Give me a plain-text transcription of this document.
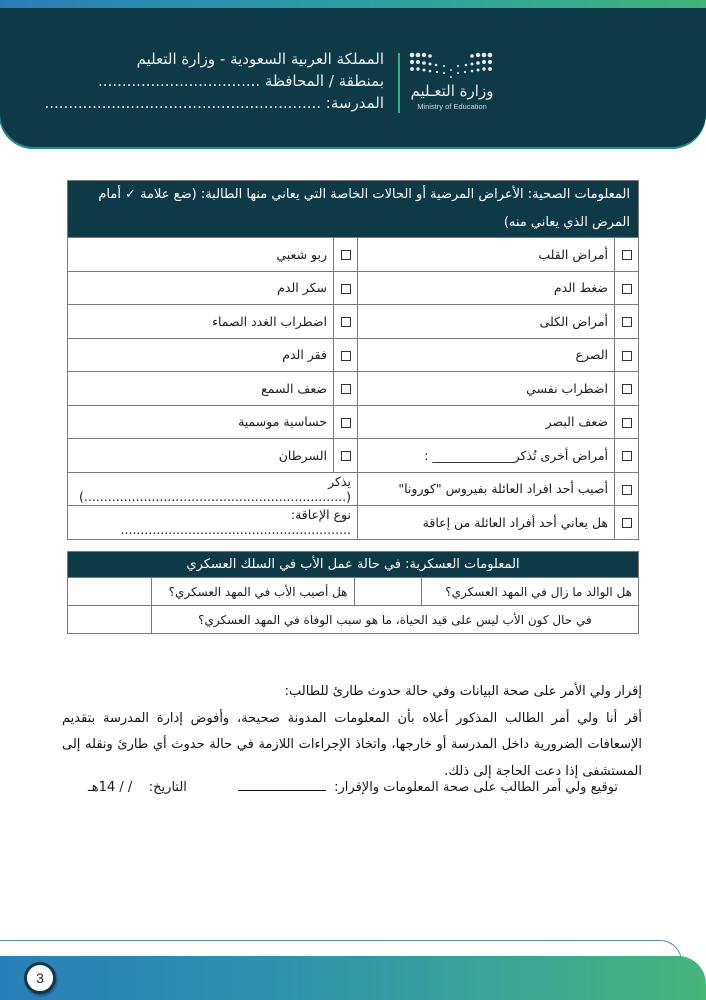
المملكة العربية السعودية - وزارة التعليم
بمنطقة / المحافظة ..................................
المدرسة: ..........................................................
وزارة التعـليم
Ministry of Education
المعلومات الصحية: الأعراض المرضية أو الحالات الخاصة التي يعاني منها الطالبة: (ضع علامة ✓ أمام المرض الذي يعاني منه)			
	أمراض القلب		ربو شعبي
	ضغط الدم		سكر الدم
	أمراض الكلى		اضطراب الغدد الصماء
	الصرع		فقر الدم
	اضطراب نفسي		ضعف السمع
	ضعف البصر		حساسية موسمية
	أمراض أخرى تُذكر_____________ :		السرطان
	أصيب أحد افراد العائلة بفيروس "كورونا"	يذكر (..................................................................)	
	هل يعاني أحد أفراد العائلة من إعاقة	نوع الإعاقة: ..........................................................	
المعلومات العسكرية: في حالة عمل الأب في السلك العسكري			
هل الوالد ما زال في المهد العسكري؟		هل أصيب الأب في المهد العسكري؟	
في حال كون الأب ليس على قيد الحياة، ما هو سبب الوفاة في المهد العسكري؟			
إقرار ولي الأمر على صحة البيانات وفي حالة حدوث طارئ للطالب:
أقر أنا ولي أمر الطالب المذكور أعلاه بأن المعلومات المدونة صحيحة، وأفوض إدارة المدرسة بتقديم الإسعافات الضرورية داخل المدرسة أو خارجها، واتخاذ الإجراءات اللازمة في حالة حدوث أي طارئ ونقله إلى المستشفى إذا دعت الحاجة إلى ذلك.
توقيع ولي أمر الطالب على صحة المعلومات والإقرار:
التاريخ:    / / 14هـ
3
